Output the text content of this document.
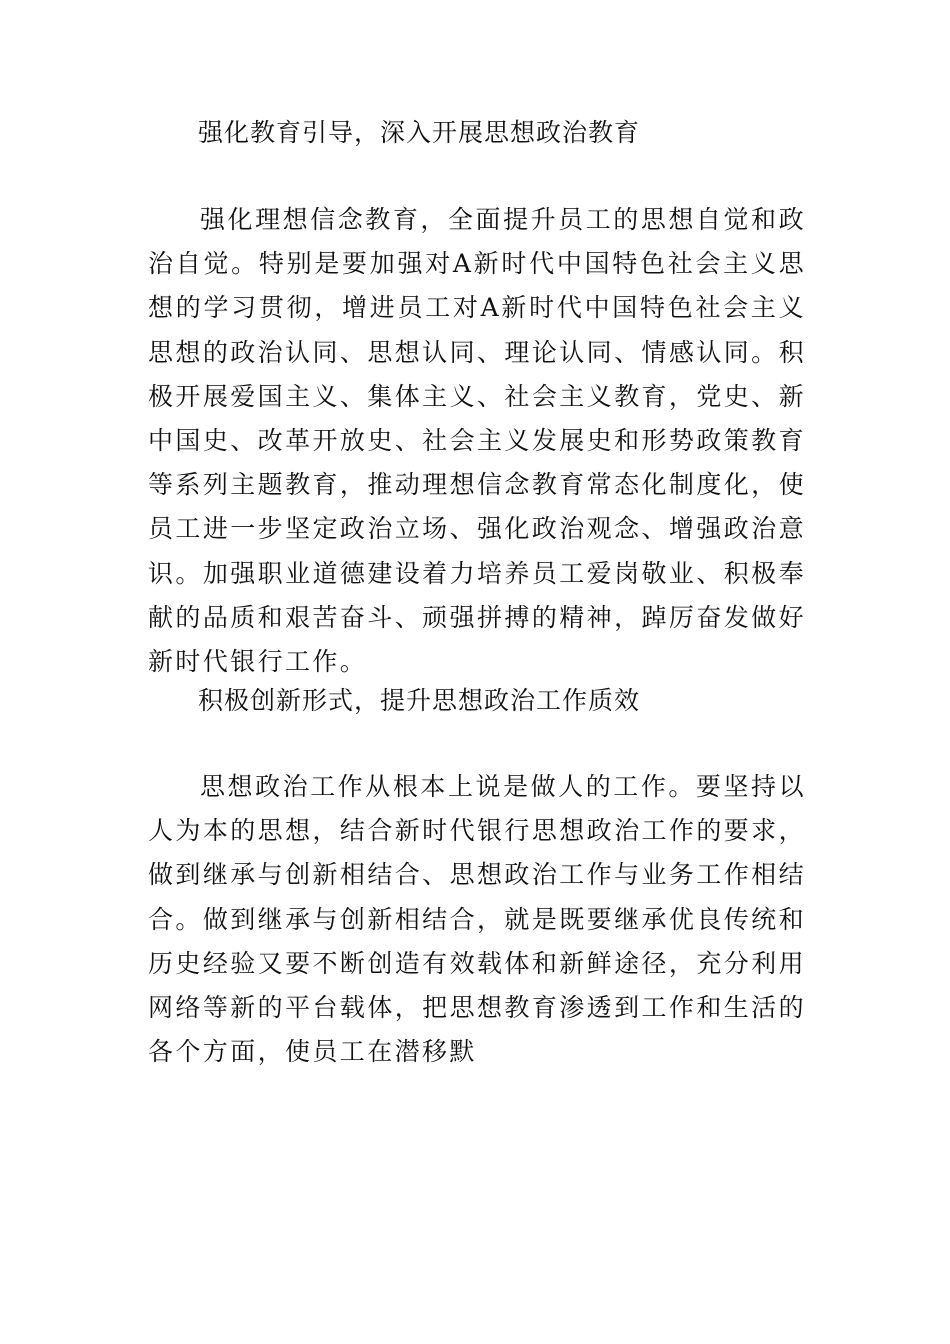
强化教育引导，深入开展思想政治教育

强化理想信念教育，全面提升员工的思想自觉和政治自觉。特别是要加强对A新时代中国特色社会主义思想的学习贯彻，增进员工对A新时代中国特色社会主义思想的政治认同、思想认同、理论认同、情感认同。积极开展爱国主义、集体主义、社会主义教育，党史、新中国史、改革开放史、社会主义发展史和形势政策教育等系列主题教育，推动理想信念教育常态化制度化，使员工进一步坚定政治立场、强化政治观念、增强政治意识。加强职业道德建设着力培养员工爱岗敬业、积极奉献的品质和艰苦奋斗、顽强拼搏的精神，踔厉奋发做好新时代银行工作。

积极创新形式，提升思想政治工作质效

思想政治工作从根本上说是做人的工作。要坚持以人为本的思想，结合新时代银行思想政治工作的要求，做到继承与创新相结合、思想政治工作与业务工作相结合。做到继承与创新相结合，就是既要继承优良传统和历史经验又要不断创造有效载体和新鲜途径，充分利用网络等新的平台载体，把思想教育渗透到工作和生活的各个方面，使员工在潜移默
